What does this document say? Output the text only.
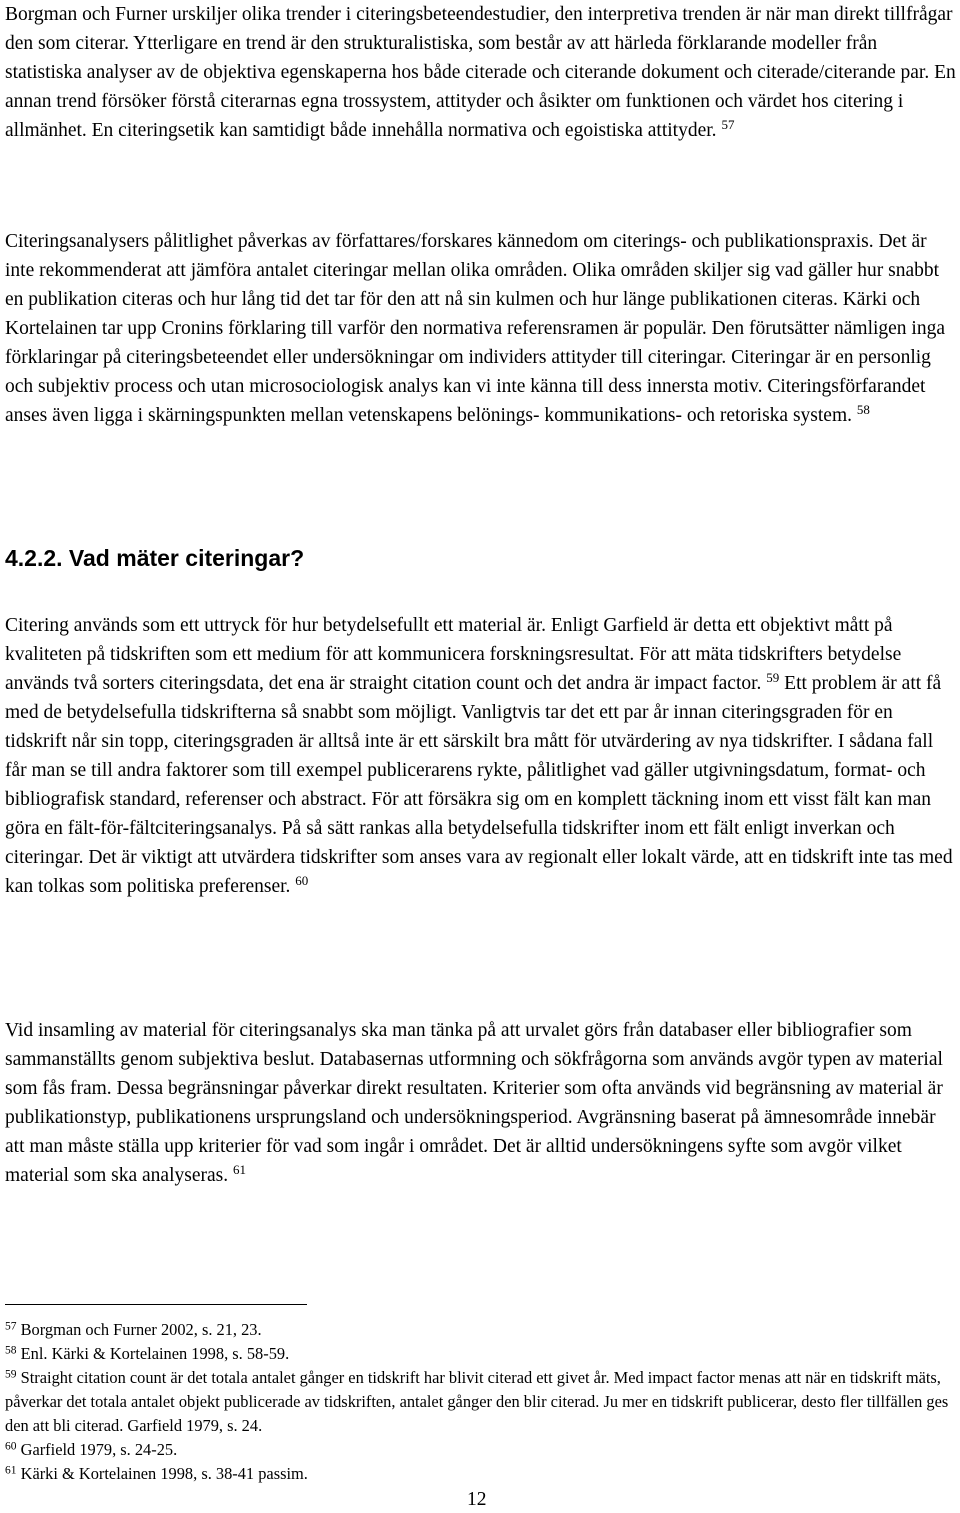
Borgman och Furner urskiljer olika trender i citeringsbeteendestudier, den interpretiva trenden är när man direkt tillfrågar den som citerar. Ytterligare en trend är den strukturalistiska, som består av att härleda förklarande modeller från statistiska analyser av de objektiva egenskaperna hos både citerade och citerande dokument och citerade/citerande par. En annan trend försöker förstå citerarnas egna trossystem, attityder och åsikter om funktionen och värdet hos citering i allmänhet. En citeringsetik kan samtidigt både innehålla normativa och egoistiska attityder. $^{57}$

Citeringsanalysers pålitlighet påverkas av författares/forskares kännedom om citerings- och publikationspraxis. Det är inte rekommenderat att jämföra antalet citeringar mellan olika områden. Olika områden skiljer sig vad gäller hur snabbt en publikation citeras och hur lång tid det tar för den att nå sin kulmen och hur länge publikationen citeras. Kärki och Kortelainen tar upp Cronins förklaring till varför den normativa referensramen är populär. Den förutsätter nämligen inga förklaringar på citeringsbeteendet eller undersökningar om individers attityder till citeringar. Citeringar är en personlig och subjektiv process och utan microsociologisk analys kan vi inte känna till dess innersta motiv. Citeringsförfarandet anses även ligga i skärningspunkten mellan vetenskapens belönings- kommunikations- och retoriska system. $^{58}$

4.2.2. Vad mäter citeringar?

Citering används som ett uttryck för hur betydelsefullt ett material är. Enligt Garfield är detta ett objektivt mått på kvaliteten på tidskriften som ett medium för att kommunicera forskningsresultat. För att mäta tidskrifters betydelse används två sorters citeringsdata, det ena är straight citation count och det andra är impact factor. $^{59}$ Ett problem är att få med de betydelsefulla tidskrifterna så snabbt som möjligt. Vanligtvis tar det ett par år innan citeringsgraden för en tidskrift når sin topp, citeringsgraden är alltså inte är ett särskilt bra mått för utvärdering av nya tidskrifter. I sådana fall får man se till andra faktorer som till exempel publicerarens rykte, pålitlighet vad gäller utgivningsdatum, format- och bibliografisk standard, referenser och abstract. För att försäkra sig om en komplett täckning inom ett visst fält kan man göra en fält-för-fältciteringsanalys. På så sätt rankas alla betydelsefulla tidskrifter inom ett fält enligt inverkan och citeringar. Det är viktigt att utvärdera tidskrifter som anses vara av regionalt eller lokalt värde, att en tidskrift inte tas med kan tolkas som politiska preferenser. $^{60}$

Vid insamling av material för citeringsanalys ska man tänka på att urvalet görs från databaser eller bibliografier som sammanställts genom subjektiva beslut. Databasernas utformning och sökfrågorna som används avgör typen av material som fås fram. Dessa begränsningar påverkar direkt resultaten. Kriterier som ofta används vid begränsning av material är publikationstyp, publikationens ursprungsland och undersökningsperiod. Avgränsning baserat på ämnesområde innebär att man måste ställa upp kriterier för vad som ingår i området. Det är alltid undersökningens syfte som avgör vilket material som ska analyseras. $^{61}$

$^{57}$ Borgman och Furner 2002, s. 21, 23.

$^{58}$ Enl. Kärki & Kortelainen 1998, s. 58-59.

$^{59}$ Straight citation count är det totala antalet gånger en tidskrift har blivit citerad ett givet år. Med impact factor menas att när en tidskrift mäts, påverkar det totala antalet objekt publicerade av tidskriften, antalet gånger den blir citerad. Ju mer en tidskrift publicerar, desto fler tillfällen ges den att bli citerad. Garfield 1979, s. 24.

$^{60}$ Garfield 1979, s. 24-25.

$^{61}$ Kärki & Kortelainen 1998, s. 38-41 passim.

12
